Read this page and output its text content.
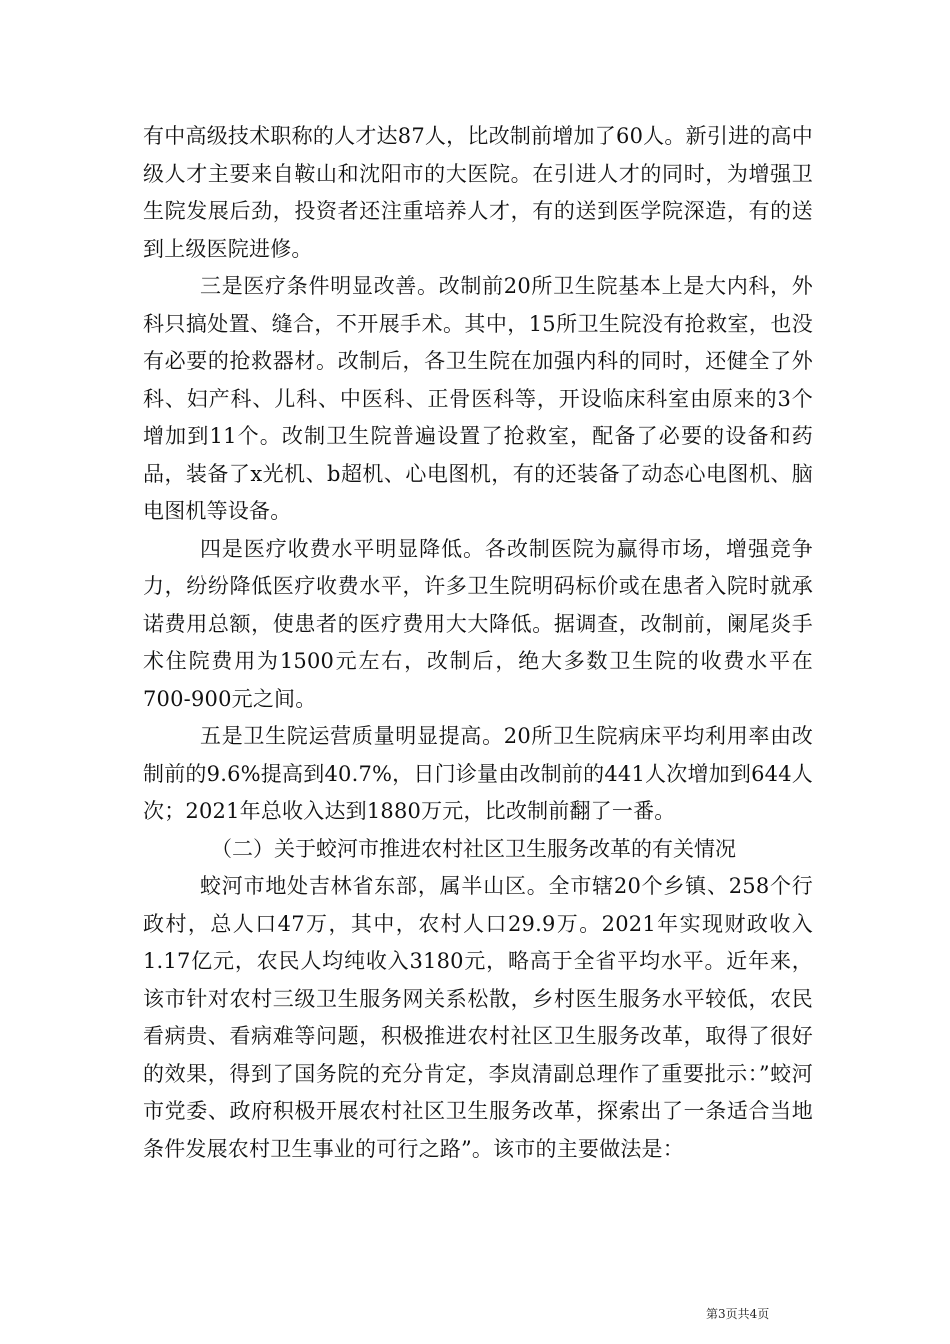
有中高级技术职称的人才达87人，比改制前增加了60人。新引进的高中级人才主要来自鞍山和沈阳市的大医院。在引进人才的同时，为增强卫生院发展后劲，投资者还注重培养人才，有的送到医学院深造，有的送到上级医院进修。

三是医疗条件明显改善。改制前20所卫生院基本上是大内科，外科只搞处置、缝合，不开展手术。其中，15所卫生院没有抢救室，也没有必要的抢救器材。改制后，各卫生院在加强内科的同时，还健全了外科、妇产科、儿科、中医科、正骨医科等，开设临床科室由原来的3个增加到11个。改制卫生院普遍设置了抢救室，配备了必要的设备和药品，装备了x光机、b超机、心电图机，有的还装备了动态心电图机、脑电图机等设备。

四是医疗收费水平明显降低。各改制医院为赢得市场，增强竞争力，纷纷降低医疗收费水平，许多卫生院明码标价或在患者入院时就承诺费用总额，使患者的医疗费用大大降低。据调查，改制前，阑尾炎手术住院费用为1500元左右，改制后，绝大多数卫生院的收费水平在700-900元之间。

五是卫生院运营质量明显提高。20所卫生院病床平均利用率由改制前的9.6%提高到40.7%，日门诊量由改制前的441人次增加到644人次；2021年总收入达到1880万元，比改制前翻了一番。

（二）关于蛟河市推进农村社区卫生服务改革的有关情况

蛟河市地处吉林省东部，属半山区。全市辖20个乡镇、258个行政村，总人口47万，其中，农村人口29.9万。2021年实现财政收入1.17亿元，农民人均纯收入3180元，略高于全省平均水平。近年来，该市针对农村三级卫生服务网关系松散，乡村医生服务水平较低，农民看病贵、看病难等问题，积极推进农村社区卫生服务改革，取得了很好的效果，得到了国务院的充分肯定，李岚清副总理作了重要批示：”蛟河市党委、政府积极开展农村社区卫生服务改革，探索出了一条适合当地条件发展农村卫生事业的可行之路”。该市的主要做法是：

第3页共4页
